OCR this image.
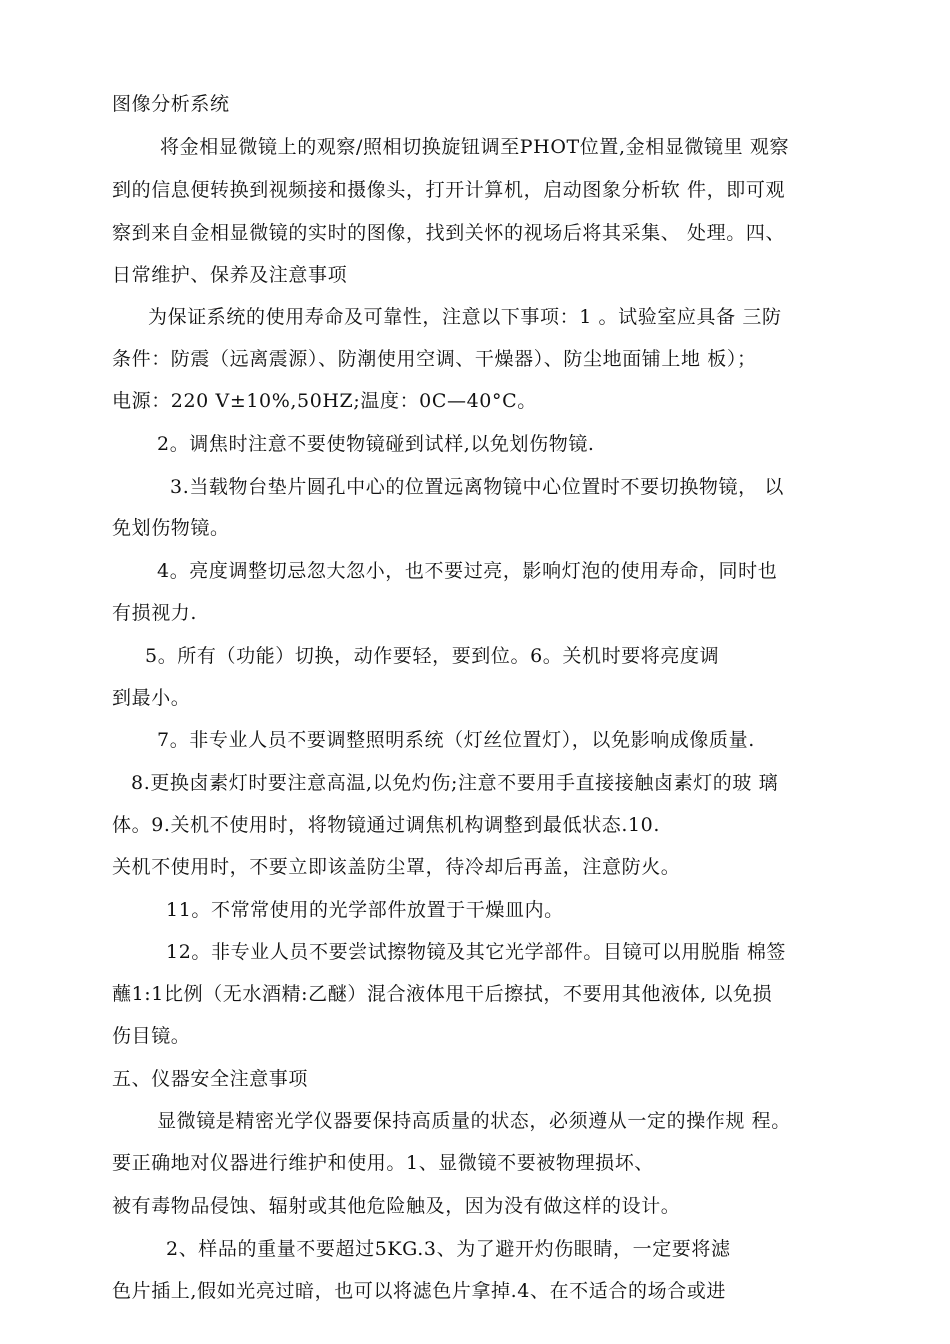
图像分析系统
将金相显微镜上的观察/照相切换旋钮调至PHOT位置,金相显微镜里 观察
到的信息便转换到视频接和摄像头，打开计算机，启动图象分析软 件，即可观
察到来自金相显微镜的实时的图像，找到关怀的视场后将其采集、 处理。四、
日常维护、保养及注意事项
为保证系统的使用寿命及可靠性，注意以下事项：1 。试验室应具备 三防
条件：防震（远离震源）、防潮使用空调、干燥器）、防尘地面铺上地 板）；
电源：220 V±10%,50HZ;温度：0C—40°C。
2。调焦时注意不要使物镜碰到试样,以免划伤物镜.
3.当载物台垫片圆孔中心的位置远离物镜中心位置时不要切换物镜， 以
免划伤物镜。
4。亮度调整切忌忽大忽小，也不要过亮，影响灯泡的使用寿命，同时也
有损视力.
5。所有（功能）切换，动作要轻，要到位。6。关机时要将亮度调
到最小。
7。非专业人员不要调整照明系统（灯丝位置灯），以免影响成像质量.
8.更换卤素灯时要注意高温,以免灼伤;注意不要用手直接接触卤素灯的玻 璃
体。9.关机不使用时，将物镜通过调焦机构调整到最低状态.10.
关机不使用时，不要立即该盖防尘罩，待冷却后再盖，注意防火。
11。不常常使用的光学部件放置于干燥皿内。
12。非专业人员不要尝试擦物镜及其它光学部件。目镜可以用脱脂 棉签
蘸1:1比例（无水酒精:乙醚）混合液体甩干后擦拭，不要用其他液体, 以免损
伤目镜。
五、仪器安全注意事项
显微镜是精密光学仪器要保持高质量的状态，必须遵从一定的操作规 程。
要正确地对仪器进行维护和使用。1、显微镜不要被物理损坏、
被有毒物品侵蚀、辐射或其他危险触及，因为没有做这样的设计。
2、样品的重量不要超过5KG.3、为了避开灼伤眼睛，一定要将滤
色片插上,假如光亮过暗，也可以将滤色片拿掉.4、在不适合的场合或进
